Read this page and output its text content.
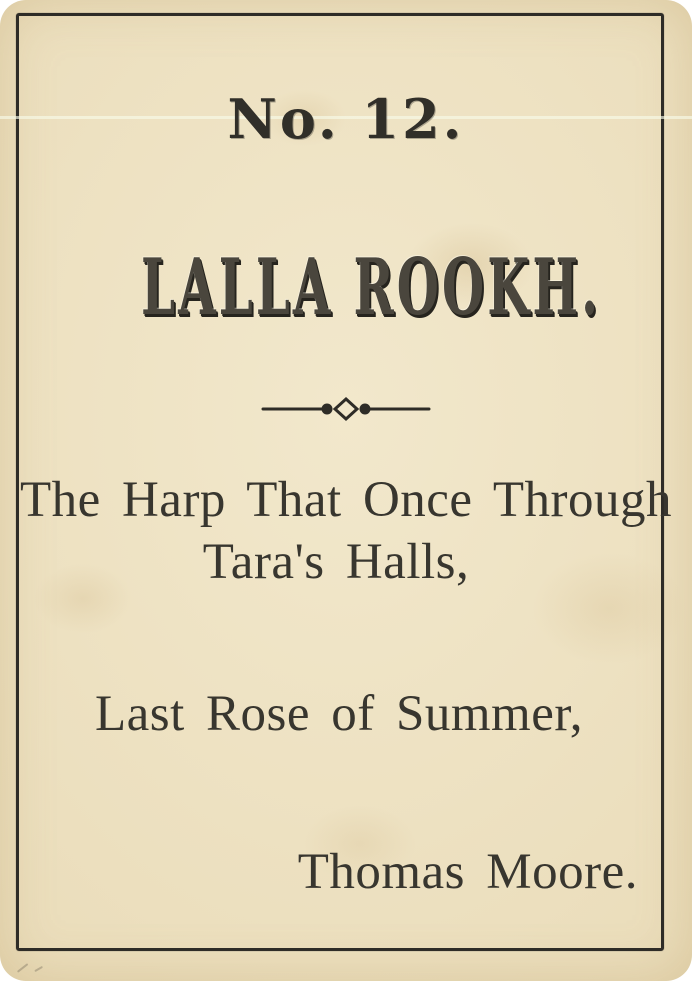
No. 12.
LALLA ROOKH.
The Harp That Once Through
Tara's Halls,
Last Rose of Summer,
Thomas Moore.
